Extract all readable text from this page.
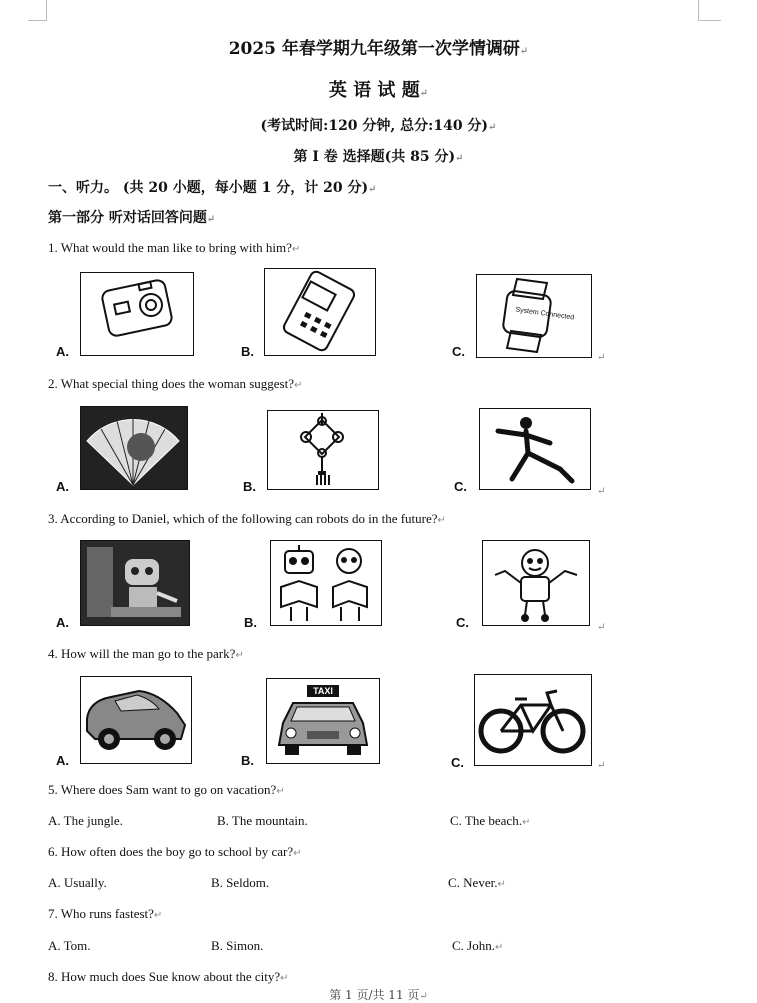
2025 年春学期九年级第一次学情调研↵
英 语 试 题↵
(考试时间:120 分钟, 总分:140 分)↵
第 Ⅰ 卷 选择题(共 85 分)↵
一、听力。 (共 20 小题，每小题 1 分，计 20 分)↵
第一部分 听对话回答问题↵
1. What would the man like to bring with him?↵
A.	B.	C.
System Connected
↵
2. What special thing does the woman suggest?↵
A.	B.	C.	↵
3. According to Daniel, which of the following can robots do in the future?↵
A.	B.	C.	↵
4. How will the man go to the park?↵
A.	B.
TAXI
C.	↵
5. Where does Sam want to go on vacation?↵
A. The jungle.	B. The mountain.	C. The beach.↵
6. How often does the boy go to school by car?↵
A. Usually.	B. Seldom.	C. Never.↵
7. Who runs fastest?↵
A. Tom.	B. Simon.	C. John.↵
8. How much does Sue know about the city?↵
第 1 页/共 11 页↵
